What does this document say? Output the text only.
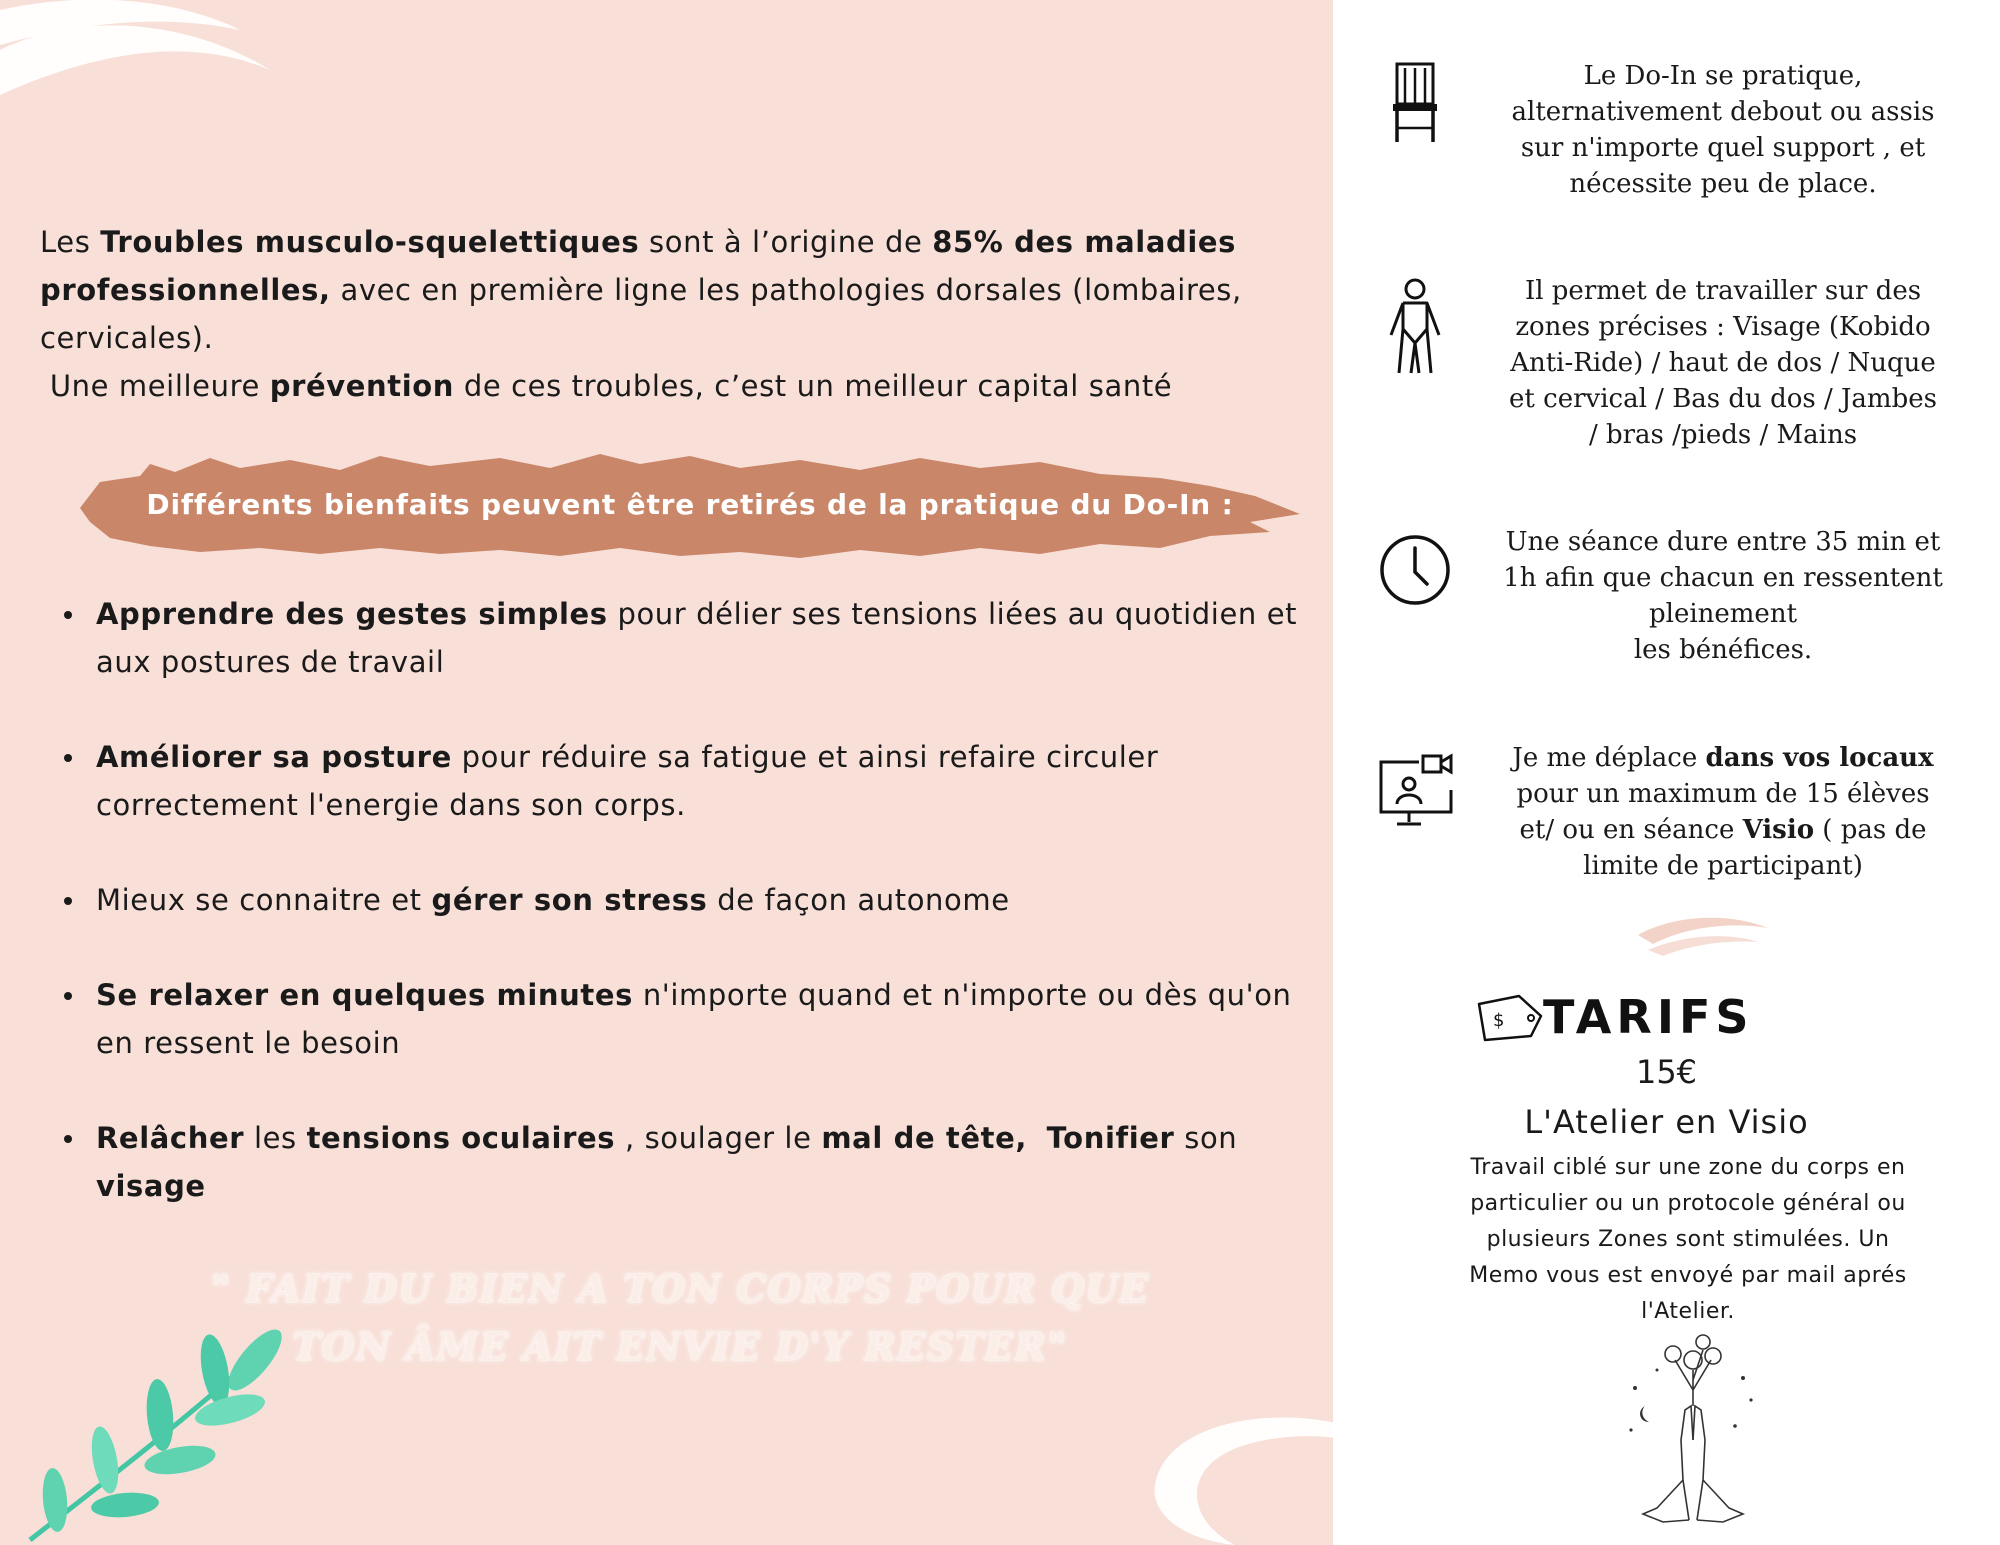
Les Troubles musculo-squelettiques sont à l’origine de 85% des maladies professionnelles, avec en première ligne les pathologies dorsales (lombaires, cervicales).

Une meilleure prévention de ces troubles, c’est un meilleur capital santé

Différents bienfaits peuvent être retirés de la pratique du Do-In :
Apprendre des gestes simples pour délier ses tensions liées au quotidien et aux postures de travail
Améliorer sa posture pour réduire sa fatigue et ainsi refaire circuler correctement l'energie dans son corps.
Mieux se connaitre et gérer son stress de façon autonome
Se relaxer en quelques minutes n'importe quand et n'importe ou dès qu'on en ressent le besoin
Relâcher les tensions oculaires , soulager le mal de tête, Tonifier son visage
" FAIT DU BIEN A TON CORPS POUR QUE
TON ÂME AIT ENVIE D'Y RESTER"
Le Do-In se pratique,
alternativement debout ou assis
sur n'importe quel support , et
nécessite peu de place.
Il permet de travailler sur des
zones précises : Visage (Kobido
Anti-Ride) / haut de dos / Nuque
et cervical / Bas du dos / Jambes
/ bras /pieds / Mains
Une séance dure entre 35 min et
1h afin que chacun en ressentent
pleinement
les bénéfices.
Je me déplace dans vos locaux
pour un maximum de 15 élèves
et/ ou en séance Visio ( pas de
limite de participant)
$ TARIFS
15€
L'Atelier en Visio
Travail ciblé sur une zone du corps en particulier ou un protocole général ou plusieurs Zones sont stimulées. Un Memo vous est envoyé par mail aprés l'Atelier.
